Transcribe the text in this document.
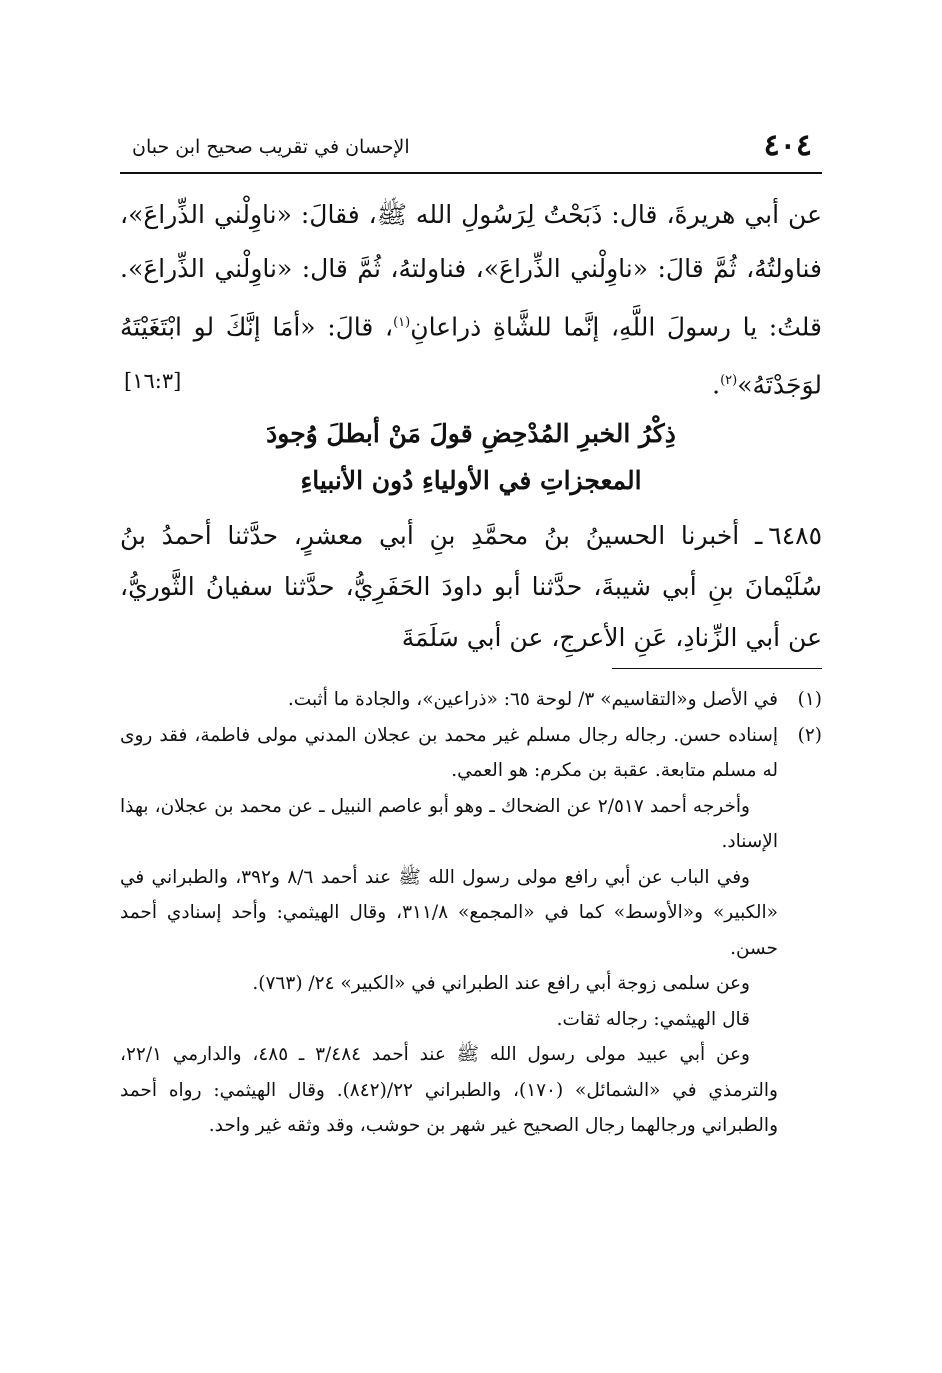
٤٠٤
الإحسان في تقريب صحيح ابن حبان

عن أبي هريرةَ، قال: ذَبَحْتُ لِرَسُولِ الله ﷺ، فقالَ: «ناوِلْني الذِّراعَ»، فناولتُهُ، ثُمَّ قالَ: «ناوِلْني الذِّراعَ»، فناولتهُ، ثُمَّ قال: «ناوِلْني الذِّراعَ». قلتُ: يا رسولَ اللَّهِ، إنَّما للشَّاةِ ذراعانِ$^{(١)}$، قالَ: «أمَا إنَّكَ لو ابْتَغَيْتَهُ لوَجَدْتَهُ»$^{(٢)}$.
[١٦:٣]

ذِكْرُ الخبرِ المُدْحِضِ قولَ مَنْ أبطلَ وُجودَ
المعجزاتِ في الأولياءِ دُون الأنبياءِ

٦٤٨٥ـ أخبرنا الحسينُ بنُ محمَّدِ بنِ أبي معشرٍ، حدَّثنا أحمدُ بنُ سُلَيْمانَ بنِ أبي شيبةَ، حدَّثنا أبو داودَ الحَفَرِيُّ، حدَّثنا سفيانُ الثَّوريُّ، عن أبي الزِّنادِ، عَنِ الأعرجِ، عن أبي سَلَمَةَ

(١)

في الأصل و«التقاسيم» ٣/ لوحة ٦٥: «ذراعين»، والجادة ما أثبت.

(٢)

إسناده حسن. رجاله رجال مسلم غير محمد بن عجلان المدني مولى فاطمة، فقد روى له مسلم متابعة. عقبة بن مكرم: هو العمي.

وأخرجه أحمد ٢/٥١٧ عن الضحاك ـ وهو أبو عاصم النبيل ـ عن محمد بن عجلان، بهذا الإسناد.

وفي الباب عن أبي رافع مولى رسول الله ﷺ عند أحمد ٨/٦ و٣٩٢، والطبراني في «الكبير» و«الأوسط» كما في «المجمع» ٣١١/٨، وقال الهيثمي: وأحد إسنادي أحمد حسن.

وعن سلمى زوجة أبي رافع عند الطبراني في «الكبير» ٢٤/ (٧٦٣).

قال الهيثمي: رجاله ثقات.

وعن أبي عبيد مولى رسول الله ﷺ عند أحمد ٣/٤٨٤ ـ ٤٨٥، والدارمي ٢٢/١، والترمذي في «الشمائل» (١٧٠)، والطبراني ٢٢/(٨٤٢). وقال الهيثمي: رواه أحمد والطبراني ورجالهما رجال الصحيح غير شهر بن حوشب، وقد وثقه غير واحد.
